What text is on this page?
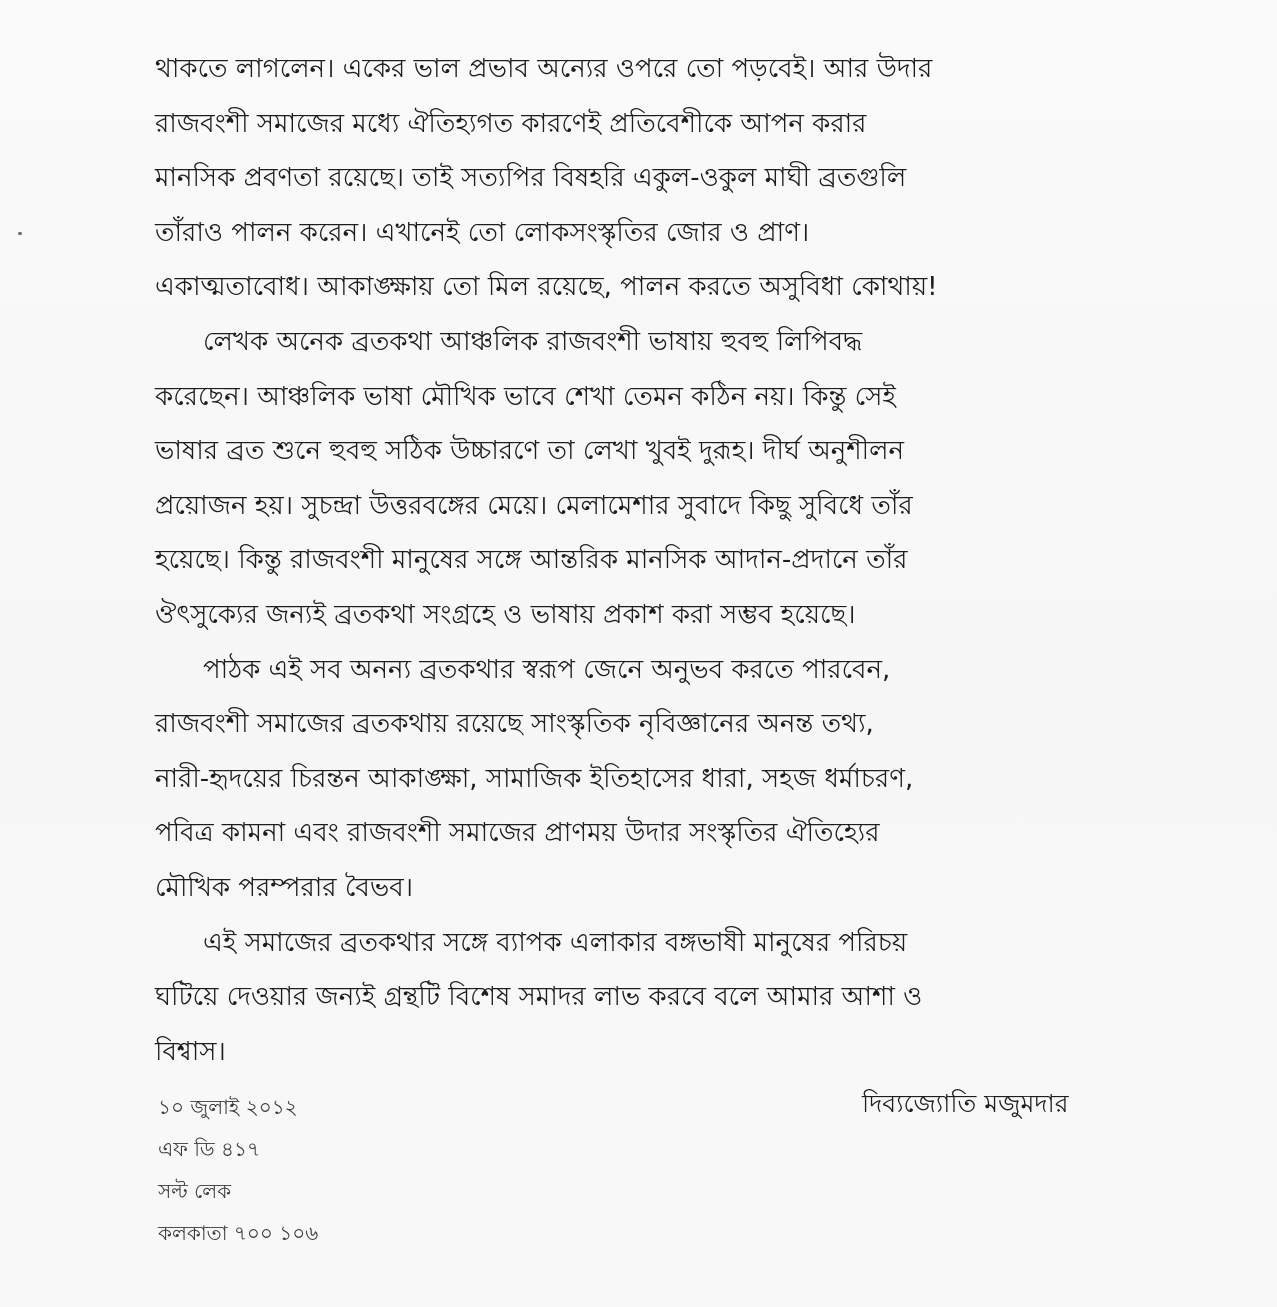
থাকতে লাগলেন। একের ভাল প্রভাব অন্যের ওপরে তো পড়বেই। আর উদার
রাজবংশী সমাজের মধ্যে ঐতিহ্যগত কারণেই প্রতিবেশীকে আপন করার
মানসিক প্রবণতা রয়েছে। তাই সত্যপির বিষহরি একুল-ওকুল মাঘী ব্রতগুলি
তাঁরাও পালন করেন। এখানেই তো লোকসংস্কৃতির জোর ও প্রাণ।
একাত্মতাবোধ। আকাঙ্ক্ষায় তো মিল রয়েছে, পালন করতে অসুবিধা কোথায়!
লেখক অনেক ব্রতকথা আঞ্চলিক রাজবংশী ভাষায় হুবহু লিপিবদ্ধ
করেছেন। আঞ্চলিক ভাষা মৌখিক ভাবে শেখা তেমন কঠিন নয়। কিন্তু সেই
ভাষার ব্রত শুনে হুবহু সঠিক উচ্চারণে তা লেখা খুবই দুরূহ। দীর্ঘ অনুশীলন
প্রয়োজন হয়। সুচন্দ্রা উত্তরবঙ্গের মেয়ে। মেলামেশার সুবাদে কিছু সুবিধে তাঁর
হয়েছে। কিন্তু রাজবংশী মানুষের সঙ্গে আন্তরিক মানসিক আদান-প্রদানে তাঁর
ঔৎসুক্যের জন্যই ব্রতকথা সংগ্রহে ও ভাষায় প্রকাশ করা সম্ভব হয়েছে।
পাঠক এই সব অনন্য ব্রতকথার স্বরূপ জেনে অনুভব করতে পারবেন,
রাজবংশী সমাজের ব্রতকথায় রয়েছে সাংস্কৃতিক নৃবিজ্ঞানের অনন্ত তথ্য,
নারী-হৃদয়ের চিরন্তন আকাঙ্ক্ষা, সামাজিক ইতিহাসের ধারা, সহজ ধর্মাচরণ,
পবিত্র কামনা এবং রাজবংশী সমাজের প্রাণময় উদার সংস্কৃতির ঐতিহ্যের
মৌখিক পরম্পরার বৈভব।
এই সমাজের ব্রতকথার সঙ্গে ব্যাপক এলাকার বঙ্গভাষী মানুষের পরিচয়
ঘটিয়ে দেওয়ার জন্যই গ্রন্থটি বিশেষ সমাদর লাভ করবে বলে আমার আশা ও
বিশ্বাস।
১০ জুলাই ২০১২
এফ ডি ৪১৭
সল্ট লেক
কলকাতা ৭০০ ১০৬
দিব্যজ্যোতি মজুমদার
